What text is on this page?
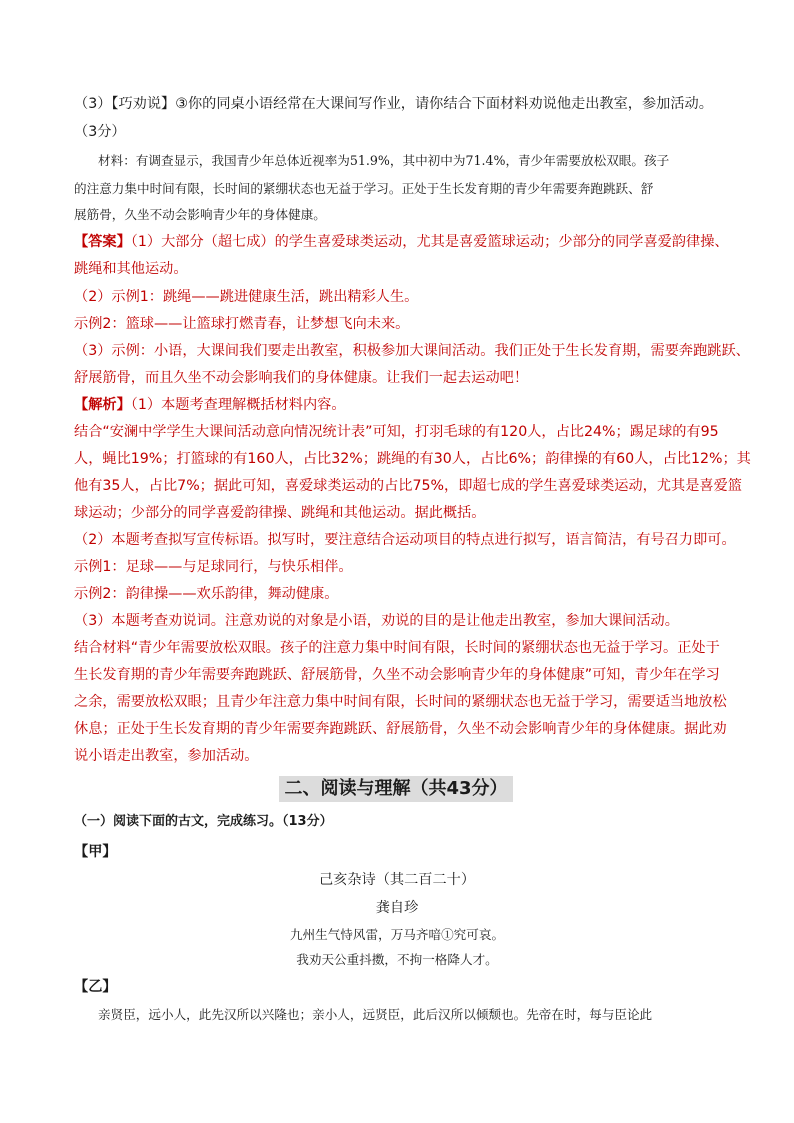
（3）【巧劝说】③你的同桌小语经常在大课间写作业，请你结合下面材料劝说他走出教室，参加活动。
（3分）
材料：有调查显示，我国青少年总体近视率为51.9%，其中初中为71.4%，青少年需要放松双眼。孩子
的注意力集中时间有限，长时间的紧绷状态也无益于学习。正处于生长发育期的青少年需要奔跑跳跃、舒
展筋骨，久坐不动会影响青少年的身体健康。
【答案】（1）大部分（超七成）的学生喜爱球类运动，尤其是喜爱篮球运动；少部分的同学喜爱韵律操、
跳绳和其他运动。
（2）示例1：跳绳——跳进健康生活，跳出精彩人生。
示例2：篮球——让篮球打燃青春，让梦想飞向未来。
（3）示例：小语，大课间我们要走出教室，积极参加大课间活动。我们正处于生长发育期，需要奔跑跳跃、
舒展筋骨，而且久坐不动会影响我们的身体健康。让我们一起去运动吧！
【解析】（1）本题考查理解概括材料内容。
结合“安澜中学学生大课间活动意向情况统计表”可知，打羽毛球的有120人，占比24%；踢足球的有95
人，蝇比19%；打篮球的有160人，占比32%；跳绳的有30人，占比6%；韵律操的有60人，占比12%；其
他有35人，占比7%；据此可知，喜爱球类运动的占比75%，即超七成的学生喜爱球类运动，尤其是喜爱篮
球运动；少部分的同学喜爱韵律操、跳绳和其他运动。据此概括。
（2）本题考查拟写宣传标语。拟写时，要注意结合运动项目的特点进行拟写，语言简洁，有号召力即可。
示例1：足球——与足球同行，与快乐相伴。
示例2：韵律操——欢乐韵律，舞动健康。
（3）本题考查劝说词。注意劝说的对象是小语，劝说的目的是让他走出教室，参加大课间活动。
结合材料“青少年需要放松双眼。孩子的注意力集中时间有限，长时间的紧绷状态也无益于学习。正处于
生长发育期的青少年需要奔跑跳跃、舒展筋骨，久坐不动会影响青少年的身体健康”可知，青少年在学习
之余，需要放松双眼；且青少年注意力集中时间有限，长时间的紧绷状态也无益于学习，需要适当地放松
休息；正处于生长发育期的青少年需要奔跑跳跃、舒展筋骨，久坐不动会影响青少年的身体健康。据此劝
说小语走出教室，参加活动。
二、阅读与理解（共43分）
（一）阅读下面的古文，完成练习。（13分）
【甲】
己亥杂诗（其二百二十）
龚自珍
九州生气恃风雷，万马齐喑①究可哀。
我劝天公重抖擞，不拘一格降人才。
【乙】
亲贤臣，远小人，此先汉所以兴隆也；亲小人，远贤臣，此后汉所以倾颓也。先帝在时，每与臣论此
